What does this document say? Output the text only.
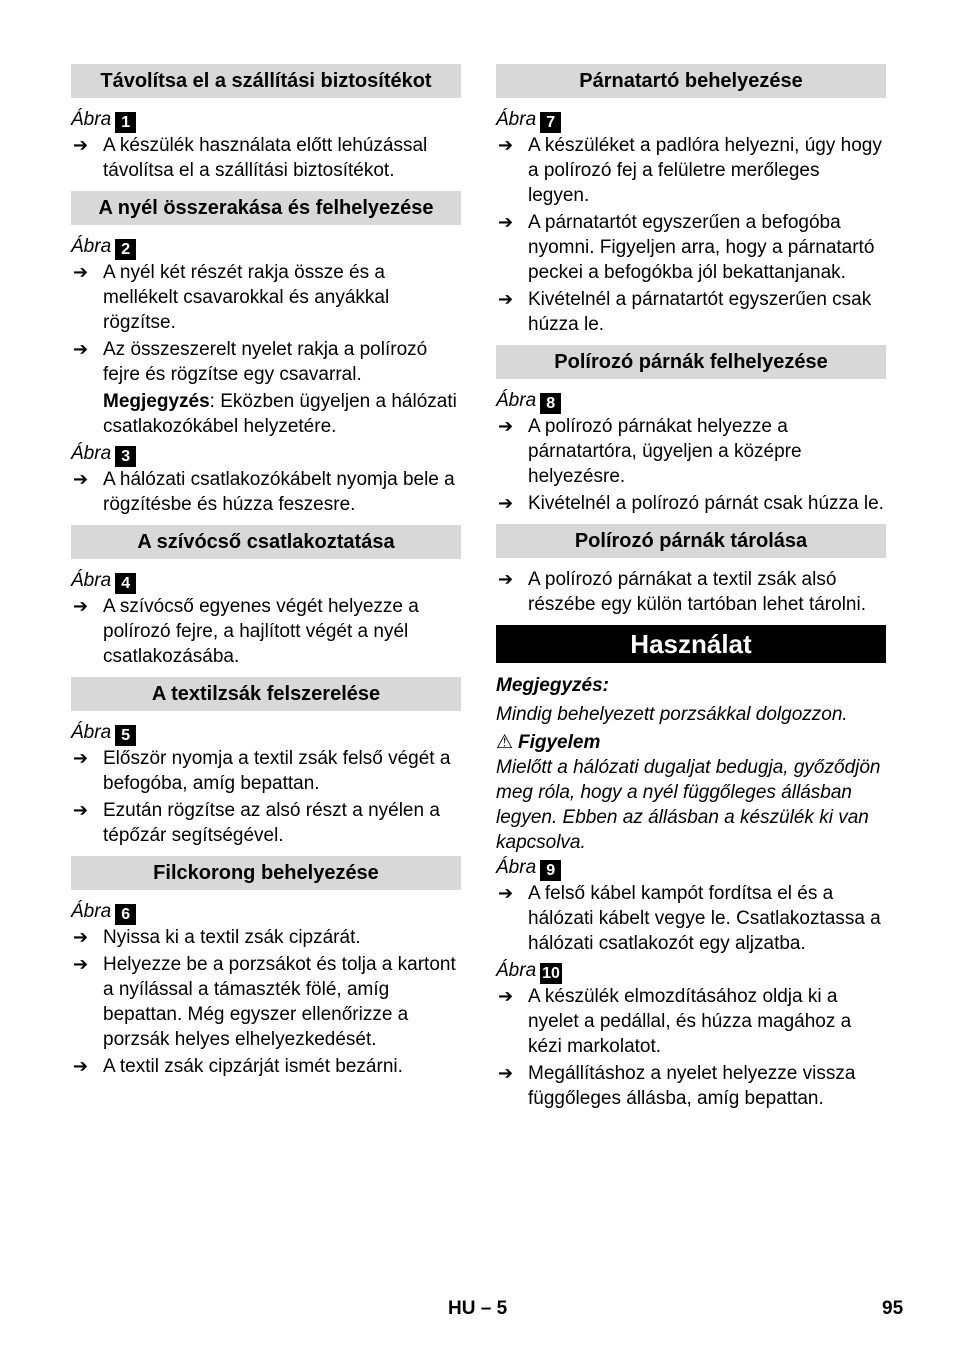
Távolítsa el a szállítási biztosítékot
Ábra 1
➔ A készülék használata előtt lehúzással távolítsa el a szállítási biztosítékot.
A nyél összerakása és felhelyezése
Ábra 2
➔ A nyél két részét rakja össze és a mellékelt csavarokkal és anyákkal rögzítse.
➔ Az összeszerelt nyelet rakja a polírozó fejre és rögzítse egy csavarral.
Megjegyzés: Eközben ügyeljen a hálózati csatlakozókábel helyzetére.
Ábra 3
➔ A hálózati csatlakozókábelt nyomja bele a rögzítésbe és húzza feszesre.
A szívócső csatlakoztatása
Ábra 4
➔ A szívócső egyenes végét helyezze a polírozó fejre, a hajlított végét a nyél csatlakozásába.
A textilzsák felszerelése
Ábra 5
➔ Először nyomja a textil zsák felső végét a befogóba, amíg bepattan.
➔ Ezután rögzítse az alsó részt a nyélen a tépőzár segítségével.
Filckorong behelyezése
Ábra 6
➔ Nyissa ki a textil zsák cipzárát.
➔ Helyezze be a porzsákot és tolja a kartont a nyílással a támaszték fölé, amíg bepattan. Még egyszer ellenőrizze a porzsák helyes elhelyezkedését.
➔ A textil zsák cipzárját ismét bezárni.
Párnatartó behelyezése
Ábra 7
➔ A készüléket a padlóra helyezni, úgy hogy a polírozó fej a felületre merőleges legyen.
➔ A párnatartót egyszerűen a befogóba nyomni. Figyeljen arra, hogy a párnatartó peckei a befogókba jól bekattanjanak.
➔ Kivételnél a párnatartót egyszerűen csak húzza le.
Polírozó párnák felhelyezése
Ábra 8
➔ A polírozó párnákat helyezze a párnatartóra, ügyeljen a középre helyezésre.
➔ Kivételnél a polírozó párnát csak húzza le.
Polírozó párnák tárolása
➔ A polírozó párnákat a textil zsák alsó részébe egy külön tartóban lehet tárolni.
Használat
Megjegyzés:
Mindig behelyezett porzsákkal dolgozzon.
⚠ Figyelem
Mielőtt a hálózati dugaljat bedugja, győződjön meg róla, hogy a nyél függőleges állásban legyen. Ebben az állásban a készülék ki van kapcsolva.
Ábra 9
➔ A felső kábel kampót fordítsa el és a hálózati kábelt vegye le. Csatlakoztassa a hálózati csatlakozót egy aljzatba.
Ábra 10
➔ A készülék elmozdításához oldja ki a nyelet a pedállal, és húzza magához a kézi markolatot.
➔ Megállításhoz a nyelet helyezze vissza függőleges állásba, amíg bepattan.
HU – 5	95
